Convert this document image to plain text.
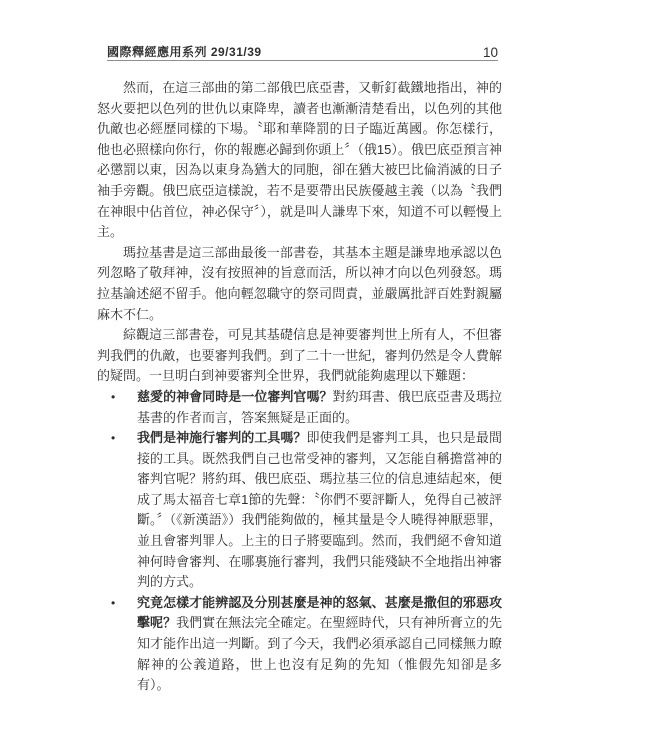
國際釋經應用系列 29/31/39	10

然而，在這三部曲的第二部俄巴底亞書，又斬釘截鐵地指出，神的怒火要把以色列的世仇以東降卑，讀者也漸漸清楚看出，以色列的其他仇敵也必經歷同樣的下場。〝耶和華降罰的日子臨近萬國。你怎樣行，他也必照樣向你行，你的報應必歸到你頭上〞（俄15）。俄巴底亞預言神必懲罰以東，因為以東身為猶大的同胞，卻在猶大被巴比倫消滅的日子袖手旁觀。俄巴底亞這樣說，若不是要帶出民族優越主義（以為〝我們在神眼中佔首位，神必保守〞），就是叫人謙卑下來，知道不可以輕慢上主。

瑪拉基書是這三部曲最後一部書卷，其基本主題是謙卑地承認以色列忽略了敬拜神，沒有按照神的旨意而活，所以神才向以色列發怒。瑪拉基論述絕不留手。他向輕忽職守的祭司問責，並嚴厲批評百姓對親屬麻木不仁。

綜觀這三部書卷，可見其基礎信息是神要審判世上所有人，不但審判我們的仇敵，也要審判我們。到了二十一世紀，審判仍然是令人費解的疑問。一旦明白到神要審判全世界，我們就能夠處理以下難題：

• 慈愛的神會同時是一位審判官嗎？對約珥書、俄巴底亞書及瑪拉基書的作者而言，答案無疑是正面的。
• 我們是神施行審判的工具嗎？即使我們是審判工具，也只是最間接的工具。既然我們自己也常受神的審判，又怎能自稱擔當神的審判官呢？將約珥、俄巴底亞、瑪拉基三位的信息連結起來，便成了馬太福音七章1節的先聲：〝你們不要評斷人，免得自己被評斷。〞（《新漢語》）我們能夠做的，極其量是令人曉得神厭惡罪，並且會審判罪人。上主的日子將要臨到。然而，我們絕不會知道神何時會審判、在哪裏施行審判，我們只能殘缺不全地指出神審判的方式。
• 究竟怎樣才能辨認及分別甚麼是神的怒氣、甚麼是撒但的邪惡攻擊呢？我們實在無法完全確定。在聖經時代，只有神所膏立的先知才能作出這一判斷。到了今天，我們必須承認自己同樣無力瞭解神的公義道路，世上也沒有足夠的先知（惟假先知卻是多有）。
